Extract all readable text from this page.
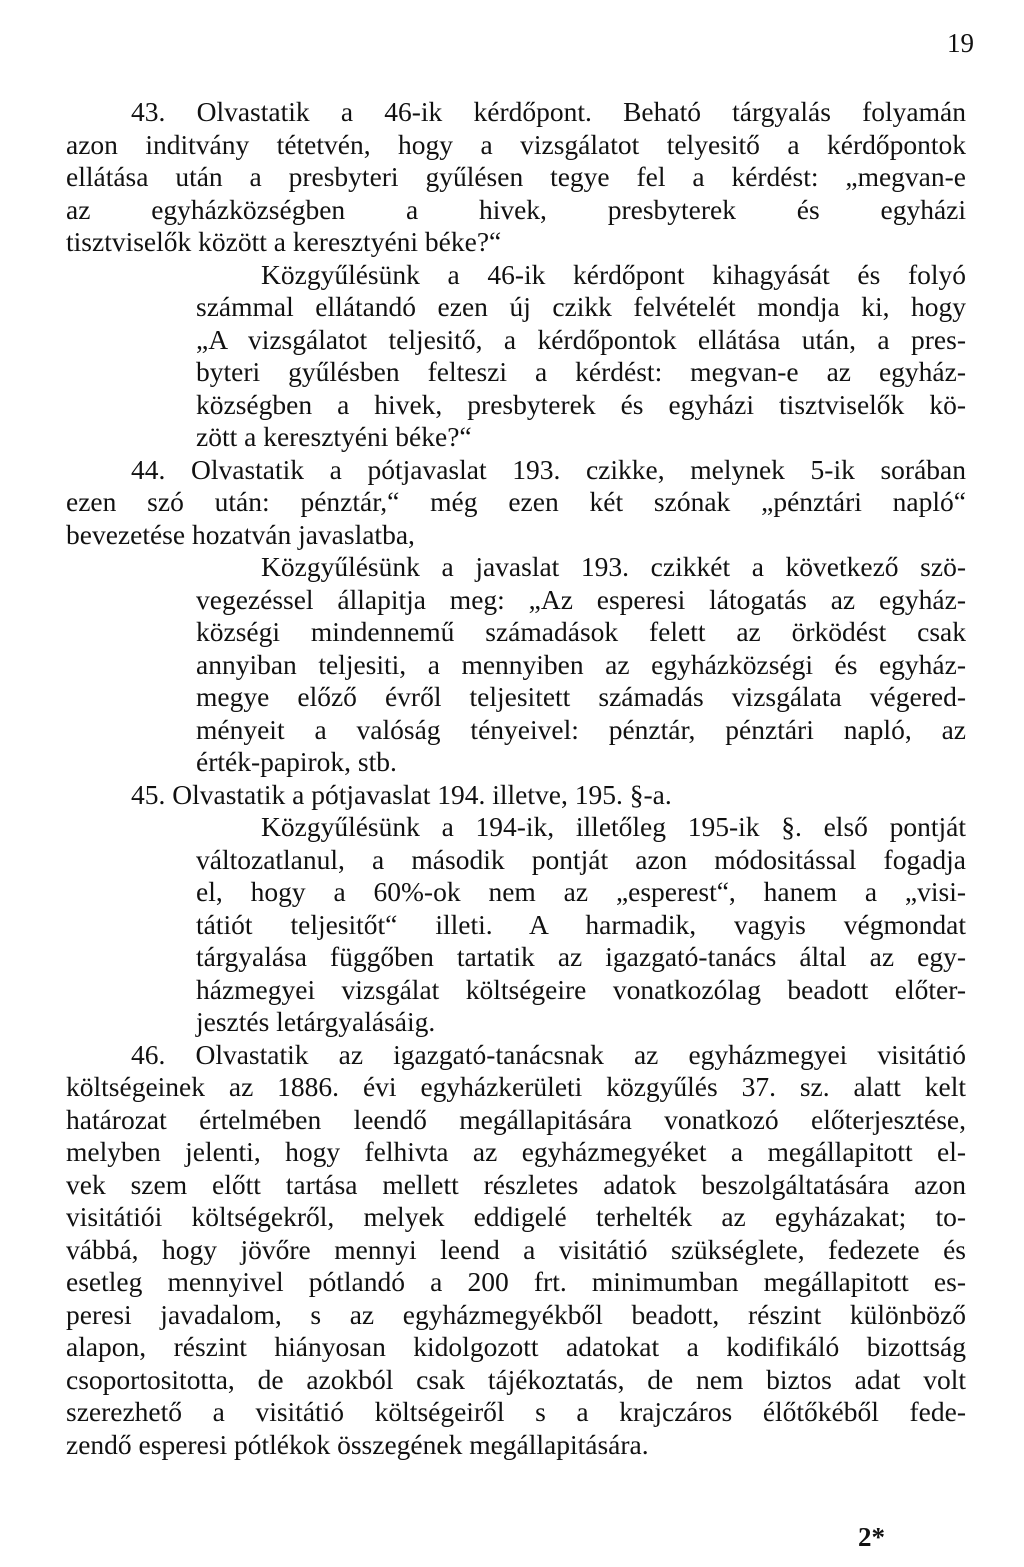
19
43. Olvastatik a 46-ik kérdőpont. Beható tárgyalás folyamán
azon inditvány tétetvén, hogy a vizsgálatot telyesitő a kérdőpontok
ellátása után a presbyteri gyűlésen tegye fel a kérdést: „megvan-e
az egyházközségben a hivek, presbyterek és egyházi
tisztviselők között a keresztyéni béke?“
Közgyűlésünk a 46-ik kérdőpont kihagyását és folyó
számmal ellátandó ezen új czikk felvételét mondja ki, hogy
„A vizsgálatot teljesitő, a kérdőpontok ellátása után, a pres-
byteri gyűlésben felteszi a kérdést: megvan-e az egyház-
községben a hivek, presbyterek és egyházi tisztviselők kö-
zött a keresztyéni béke?“
44. Olvastatik a pótjavaslat 193. czikke, melynek 5-ik sorában
ezen szó után: pénztár,“ még ezen két szónak „pénztári napló“
bevezetése hozatván javaslatba,
Közgyűlésünk a javaslat 193. czikkét a következő szö-
vegezéssel állapitja meg: „Az esperesi látogatás az egyház-
községi mindennemű számadások felett az örködést csak
annyiban teljesiti, a mennyiben az egyházközségi és egyház-
megye előző évről teljesitett számadás vizsgálata végered-
ményeit a valóság tényeivel: pénztár, pénztári napló, az
érték-papirok, stb.
45. Olvastatik a pótjavaslat 194. illetve, 195. §-a.
Közgyűlésünk a 194-ik, illetőleg 195-ik §. első pontját
változatlanul, a második pontját azon módositással fogadja
el, hogy a 60%-ok nem az „esperest“, hanem a „visi-
tátiót teljesitőt“ illeti. A harmadik, vagyis végmondat
tárgyalása függőben tartatik az igazgató-tanács által az egy-
házmegyei vizsgálat költségeire vonatkozólag beadott előter-
jesztés letárgyalásáig.
46. Olvastatik az igazgató-tanácsnak az egyházmegyei visitátió
költségeinek az 1886. évi egyházkerületi közgyűlés 37. sz. alatt kelt
határozat értelmében leendő megállapitására vonatkozó előterjesztése,
melyben jelenti, hogy felhivta az egyházmegyéket a megállapitott el-
vek szem előtt tartása mellett részletes adatok beszolgáltatására azon
visitátiói költségekről, melyek eddigelé terhelték az egyházakat; to-
vábbá, hogy jövőre mennyi leend a visitátió szükséglete, fedezete és
esetleg mennyivel pótlandó a 200 frt. minimumban megállapitott es-
peresi javadalom, s az egyházmegyékből beadott, részint különböző
alapon, részint hiányosan kidolgozott adatokat a kodifikáló bizottság
csoportositotta, de azokból csak tájékoztatás, de nem biztos adat volt
szerezhető a visitátió költségeiről s a krajczáros élőtőkéből fede-
zendő esperesi pótlékok összegének megállapitására.
2*
